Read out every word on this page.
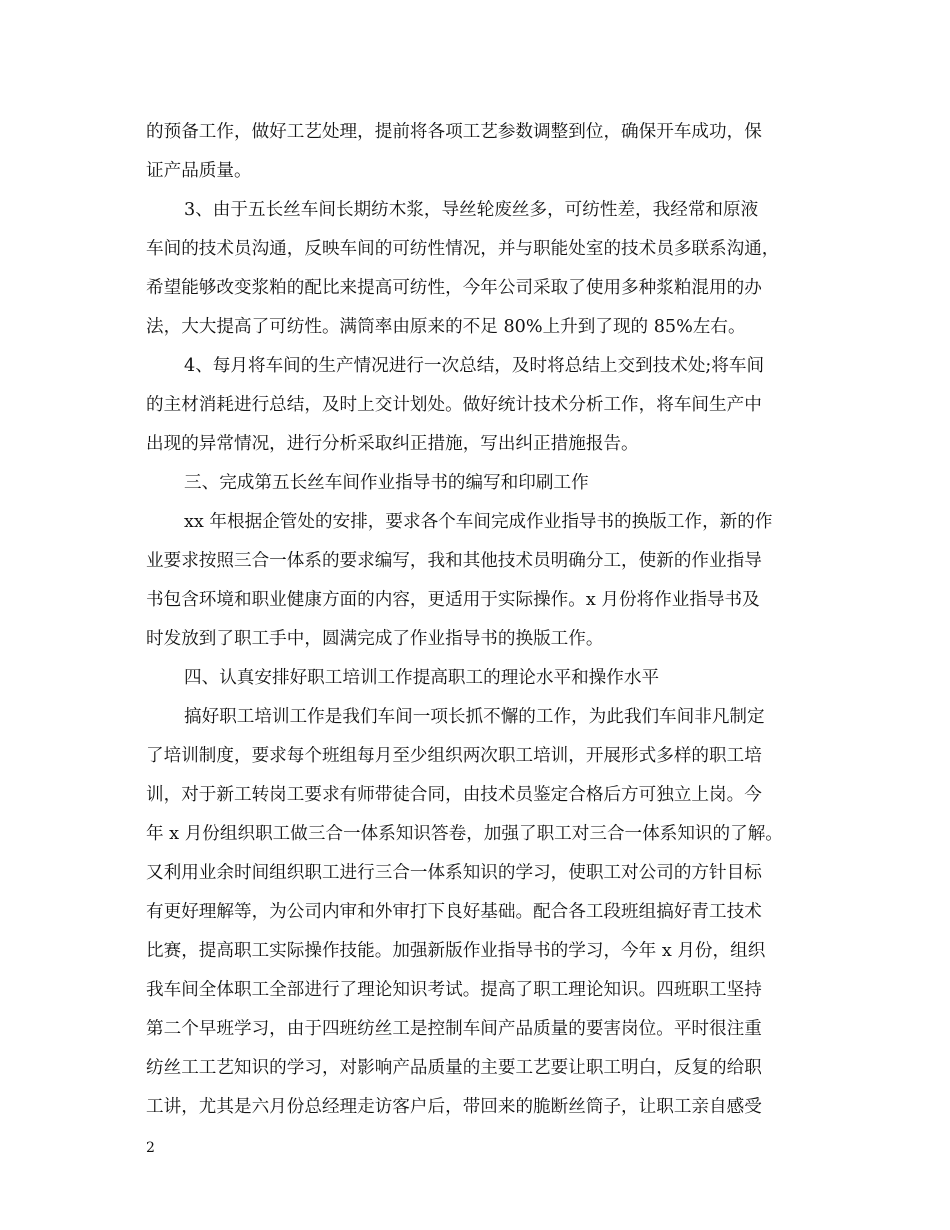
的预备工作，做好工艺处理，提前将各项工艺参数调整到位，确保开车成功，保
证产品质量。
3、由于五长丝车间长期纺木浆，导丝轮废丝多，可纺性差，我经常和原液
车间的技术员沟通，反映车间的可纺性情况，并与职能处室的技术员多联系沟通，
希望能够改变浆粕的配比来提高可纺性，今年公司采取了使用多种浆粕混用的办
法，大大提高了可纺性。满筒率由原来的不足 80%上升到了现的 85%左右。
4、每月将车间的生产情况进行一次总结，及时将总结上交到技术处;将车间
的主材消耗进行总结，及时上交计划处。做好统计技术分析工作，将车间生产中
出现的异常情况，进行分析采取纠正措施，写出纠正措施报告。
三、完成第五长丝车间作业指导书的编写和印刷工作
xx 年根据企管处的安排，要求各个车间完成作业指导书的换版工作，新的作
业要求按照三合一体系的要求编写，我和其他技术员明确分工，使新的作业指导
书包含环境和职业健康方面的内容，更适用于实际操作。x 月份将作业指导书及
时发放到了职工手中，圆满完成了作业指导书的换版工作。
四、认真安排好职工培训工作提高职工的理论水平和操作水平
搞好职工培训工作是我们车间一项长抓不懈的工作，为此我们车间非凡制定
了培训制度，要求每个班组每月至少组织两次职工培训，开展形式多样的职工培
训，对于新工转岗工要求有师带徒合同，由技术员鉴定合格后方可独立上岗。今
年 x 月份组织职工做三合一体系知识答卷，加强了职工对三合一体系知识的了解。
又利用业余时间组织职工进行三合一体系知识的学习，使职工对公司的方针目标
有更好理解等，为公司内审和外审打下良好基础。配合各工段班组搞好青工技术
比赛，提高职工实际操作技能。加强新版作业指导书的学习，今年 x 月份，组织
我车间全体职工全部进行了理论知识考试。提高了职工理论知识。四班职工坚持
第二个早班学习，由于四班纺丝工是控制车间产品质量的要害岗位。平时很注重
纺丝工工艺知识的学习，对影响产品质量的主要工艺要让职工明白，反复的给职
工讲，尤其是六月份总经理走访客户后，带回来的脆断丝筒子，让职工亲自感受
2
